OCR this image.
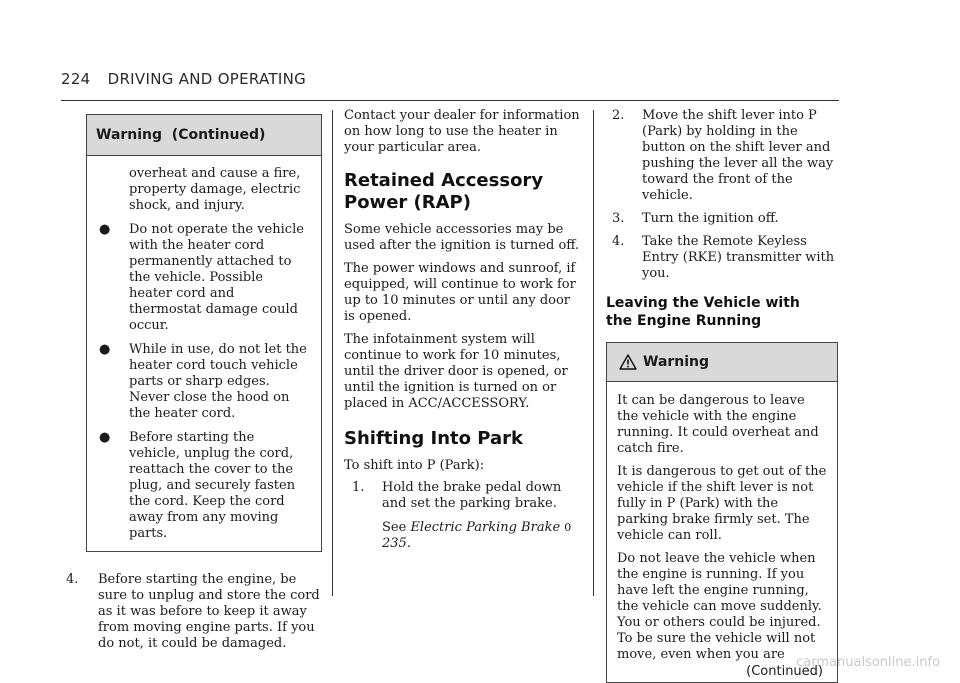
224 DRIVING AND OPERATING
Warning  (Continued)

overheat and cause a fire, property damage, electric shock, and injury.

● Do not operate the vehicle with the heater cord permanently attached to the vehicle. Possible heater cord and thermostat damage could occur.
● While in use, do not let the heater cord touch vehicle parts or sharp edges. Never close the hood on the heater cord.
● Before starting the vehicle, unplug the cord, reattach the cover to the plug, and securely fasten the cord. Keep the cord away from any moving parts.
4. Before starting the engine, be sure to unplug and store the cord as it was before to keep it away from moving engine parts. If you do not, it could be damaged.

Contact your dealer for information on how long to use the heater in your particular area.

Retained Accessory Power (RAP)

Some vehicle accessories may be used after the ignition is turned off.

The power windows and sunroof, if equipped, will continue to work for up to 10 minutes or until any door is opened.

The infotainment system will continue to work for 10 minutes, until the driver door is opened, or until the ignition is turned on or placed in ACC/ACCESSORY.

Shifting Into Park

To shift into P (Park):

1. Hold the brake pedal down and set the parking brake.

See Electric Parking Brake 0 235.

2. Move the shift lever into P (Park) by holding in the button on the shift lever and pushing the lever all the way toward the front of the vehicle.
3. Turn the ignition off.
4. Take the Remote Keyless Entry (RKE) transmitter with you.
Leaving the Vehicle with the Engine Running
Warning

It can be dangerous to leave the vehicle with the engine running. It could overheat and catch fire.

It is dangerous to get out of the vehicle if the shift lever is not fully in P (Park) with the parking brake firmly set. The vehicle can roll.

Do not leave the vehicle when the engine is running. If you have left the engine running, the vehicle can move suddenly. You or others could be injured. To be sure the vehicle will not move, even when you are

(Continued)
carmanualsonline.info
